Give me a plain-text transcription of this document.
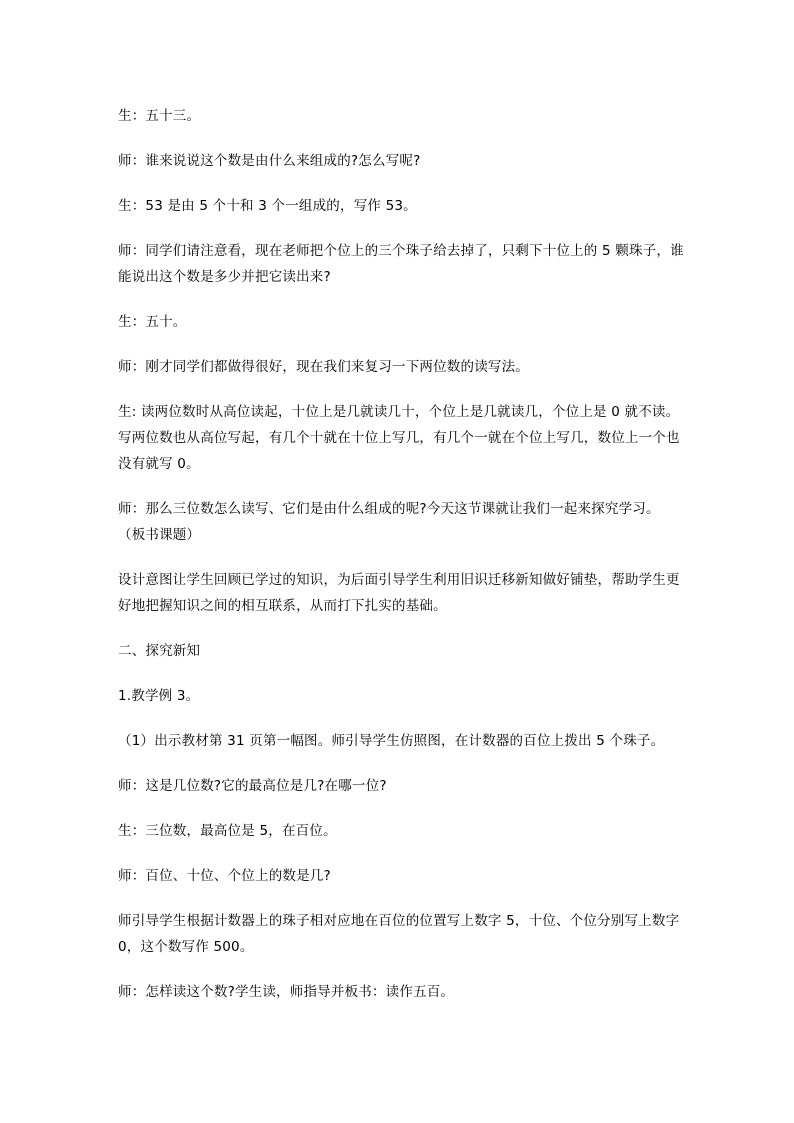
生：五十三。

师：谁来说说这个数是由什么来组成的?怎么写呢?

生：53 是由 5 个十和 3 个一组成的，写作 53。

师：同学们请注意看，现在老师把个位上的三个珠子给去掉了，只剩下十位上的 5 颗珠子，谁能说出这个数是多少并把它读出来?

生：五十。

师：刚才同学们都做得很好，现在我们来复习一下两位数的读写法。

生: 读两位数时从高位读起，十位上是几就读几十，个位上是几就读几，个位上是 0 就不读。写两位数也从高位写起，有几个十就在十位上写几，有几个一就在个位上写几，数位上一个也没有就写 0。

师：那么三位数怎么读写、它们是由什么组成的呢?今天这节课就让我们一起来探究学习。

（板书课题）

设计意图让学生回顾已学过的知识，为后面引导学生利用旧识迁移新知做好铺垫，帮助学生更好地把握知识之间的相互联系，从而打下扎实的基础。

二、探究新知

1.教学例 3。

（1）出示教材第 31 页第一幅图。师引导学生仿照图，在计数器的百位上拨出 5 个珠子。

师：这是几位数?它的最高位是几?在哪一位?

生：三位数，最高位是 5，在百位。

师：百位、十位、个位上的数是几?

师引导学生根据计数器上的珠子相对应地在百位的位置写上数字 5，十位、个位分别写上数字 0，这个数写作 500。

师：怎样读这个数?学生读，师指导并板书：读作五百。
